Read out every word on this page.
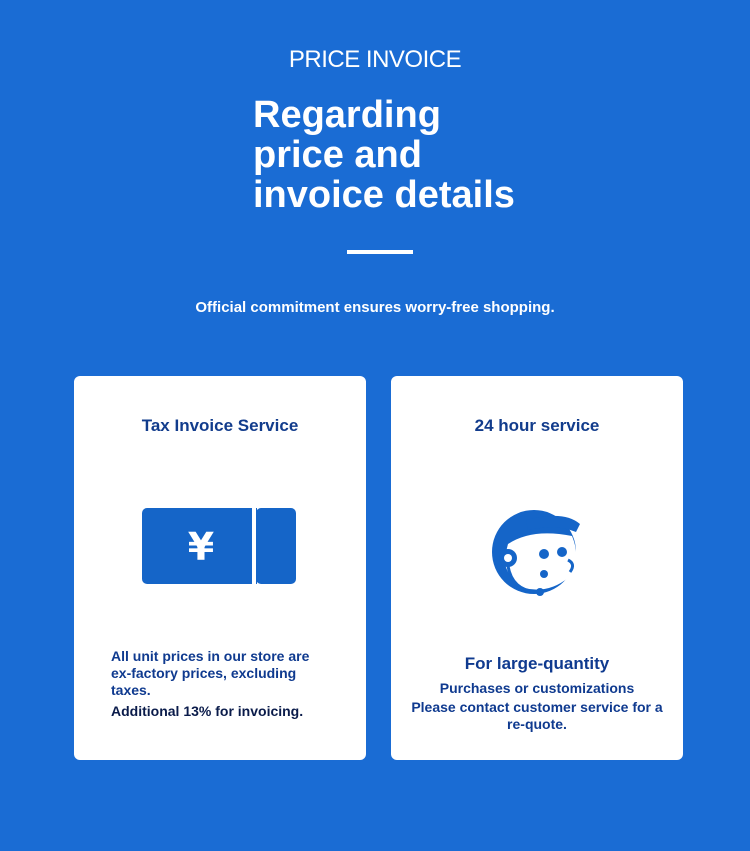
PRICE INVOICE
Regarding
price and
invoice details
Official commitment ensures worry-free shopping.
Tax Invoice Service
¥
All unit prices in our store are ex-factory prices, excluding taxes.
Additional 13% for invoicing.
24 hour service
For large-quantity
Purchases or customizations
Please contact customer service for a re-quote.
